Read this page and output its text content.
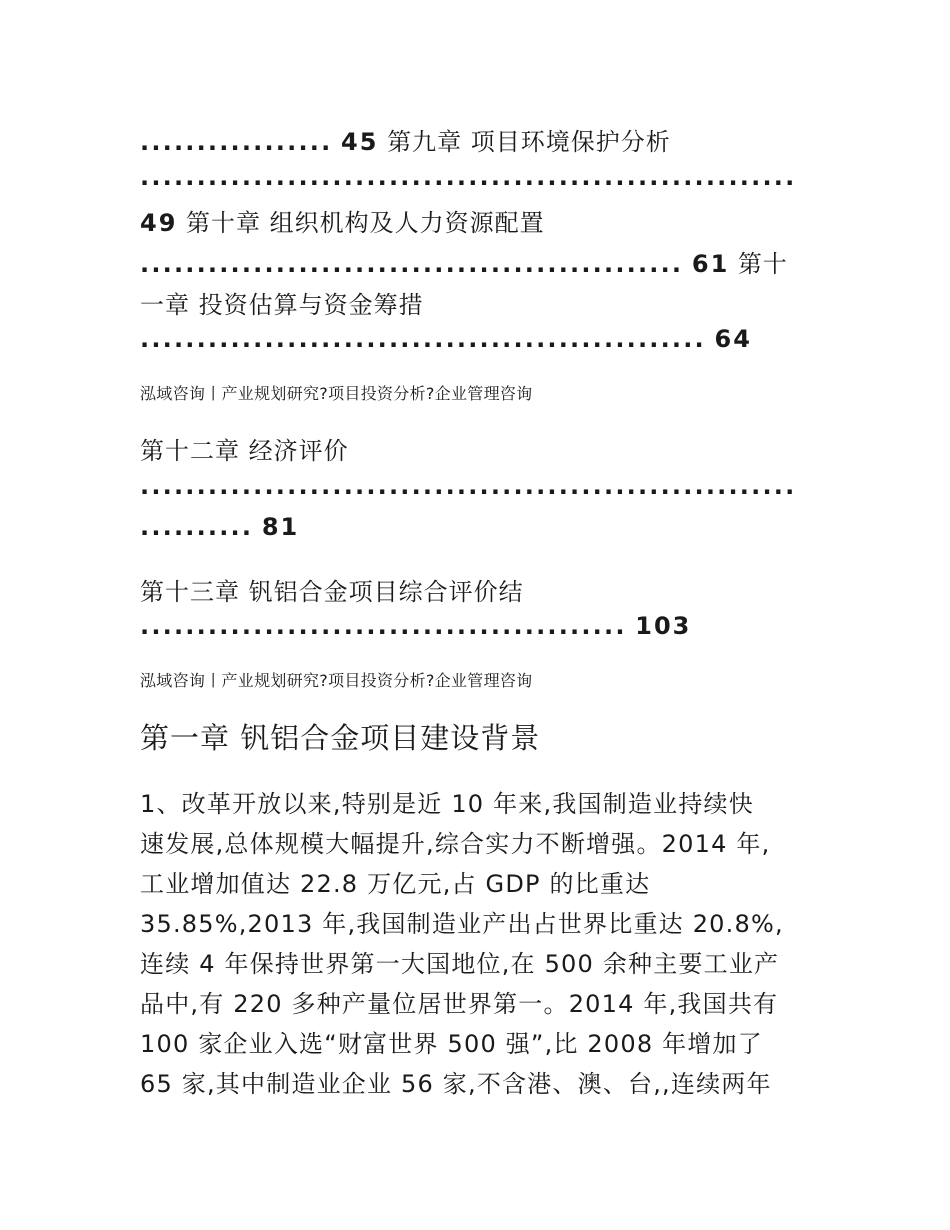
................. 45 第九章 项目环境保护分析
..........................................................
49 第十章 组织机构及人力资源配置
................................................ 61 第十
一章 投资估算与资金筹措
.................................................. 64
泓域咨询丨产业规划研究?项目投资分析?企业管理咨询
第十二章 经济评价
..........................................................
.......... 81
第十三章 钒铝合金项目综合评价结
........................................... 103
泓域咨询丨产业规划研究?项目投资分析?企业管理咨询
第一章 钒铝合金项目建设背景
1、改革开放以来,特别是近 10 年来,我国制造业持续快
速发展,总体规模大幅提升,综合实力不断增强。2014 年,
工业增加值达 22.8 万亿元,占 GDP 的比重达
35.85%,2013 年,我国制造业产出占世界比重达 20.8%,
连续 4 年保持世界第一大国地位,在 500 余种主要工业产
品中,有 220 多种产量位居世界第一。2014 年,我国共有
100 家企业入选“财富世界 500 强”,比 2008 年增加了
65 家,其中制造业企业 56 家,不含港、澳、台,,连续两年
